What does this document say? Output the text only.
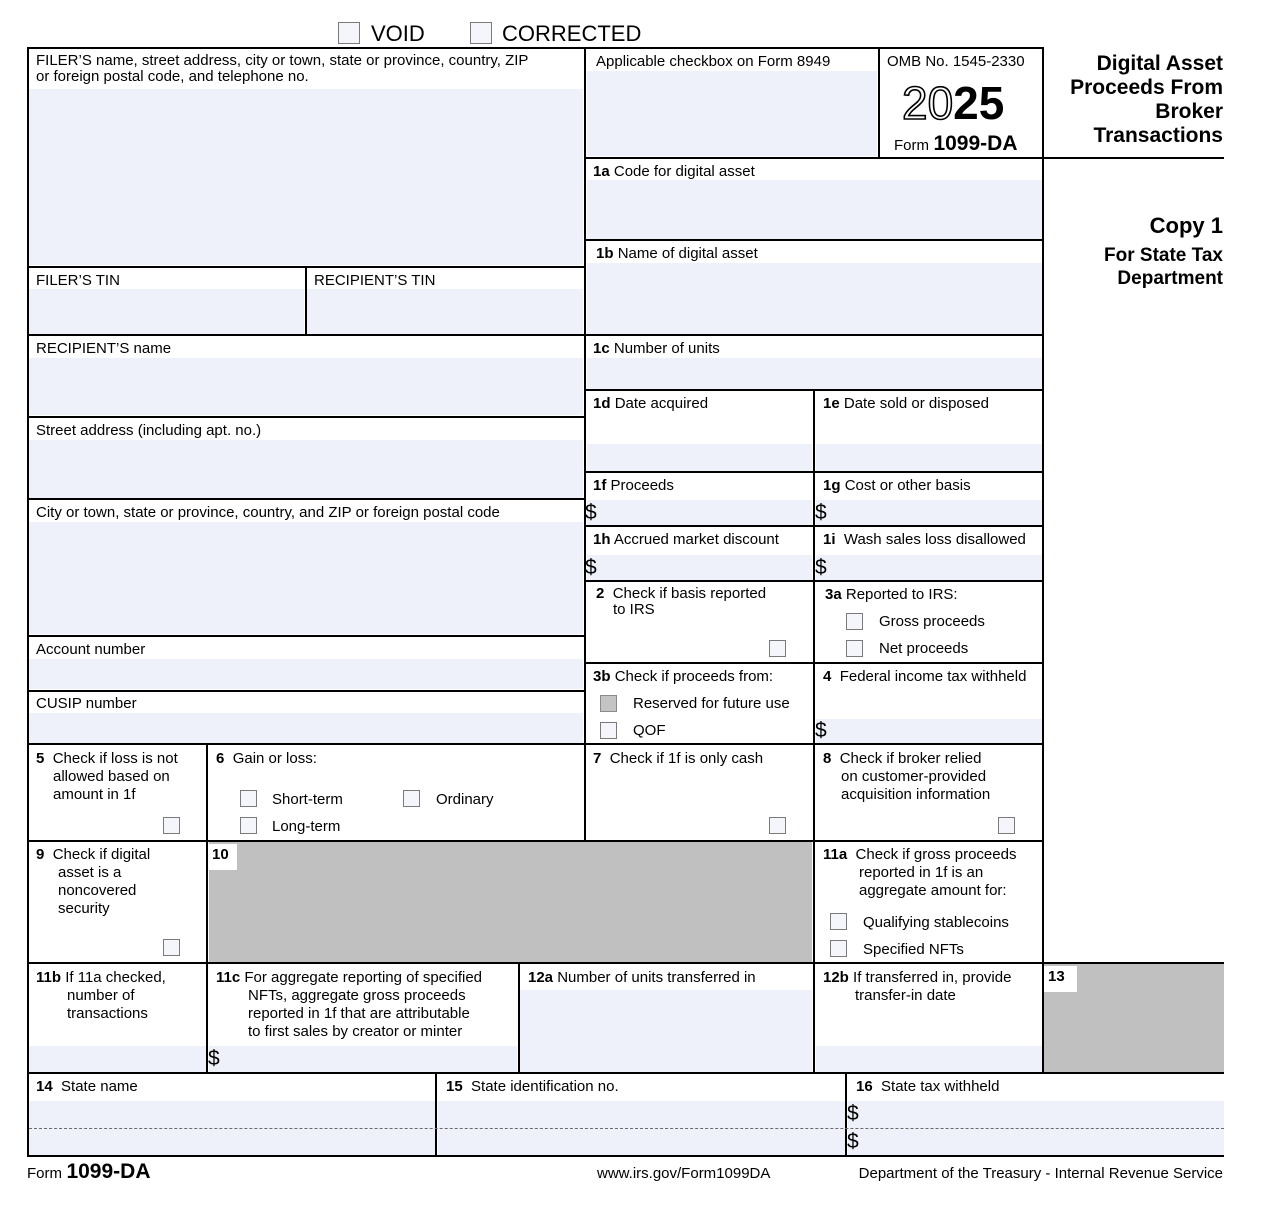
VOID	CORRECTED
OMB No. 1545-2330
2025
Form 1099-DA
Digital Asset
Proceeds From
Broker
Transactions
Copy 1
For State Tax
Department
FILER’S name, street address, city or town, state or province, country, ZIP
or foreign postal code, and telephone no.
Applicable checkbox on Form 8949
FILER’S TIN	RECIPIENT’S TIN
RECIPIENT’S name
Street address (including apt. no.)
City or town, state or province, country, and ZIP or foreign postal code
Account number
CUSIP number
1a Code for digital asset
1b Name of digital asset
1c Number of units
1d Date acquired	1e Date sold or disposed
1f Proceeds	1g Cost or other basis
$	$
1h Accrued market discount	1i Wash sales loss disallowed
$	$
2 Check if basis reported
to IRS
3a Reported to IRS:
Gross proceeds
Net proceeds
3b Check if proceeds from:
Reserved for future use
QOF
4 Federal income tax withheld
$
5 Check if loss is not
allowed based on
amount in 1f
6 Gain or loss:
Short-term	Ordinary
Long-term
7 Check if 1f is only cash	8 Check if broker relied
on customer-provided
acquisition information
9 Check if digital
asset is a
noncovered
security
10	11a Check if gross proceeds
reported in 1f is an
aggregate amount for:
Qualifying stablecoins
Specified NFTs
11b If 11a checked,
number of
transactions
11c For aggregate reporting of specified
NFTs, aggregate gross proceeds
reported in 1f that are attributable
to first sales by creator or minter
$
12a Number of units transferred in	12b If transferred in, provide
transfer-in date
13
14 State name	15 State identification no.	16 State tax withheld
$
$
Form 1099-DA	www.irs.gov/Form1099DA	Department of the Treasury - Internal Revenue Service
